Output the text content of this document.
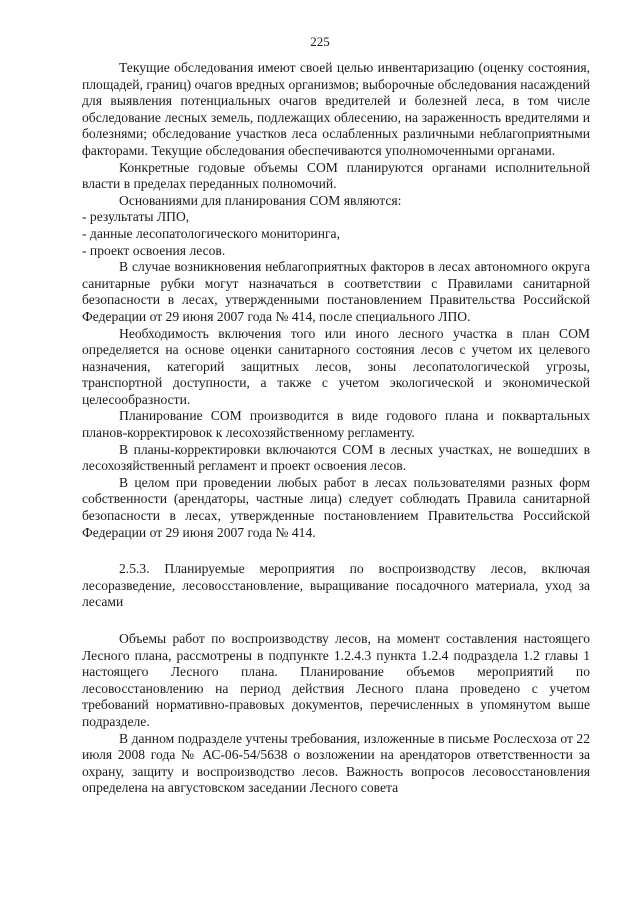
225

Текущие обследования имеют своей целью инвентаризацию (оценку состояния, площадей, границ) очагов вредных организмов; выборочные обследования насаждений для выявления потенциальных очагов вредителей и болезней леса, в том числе обследование лесных земель, подлежащих облесению, на зараженность вредителями и болезнями; обследование участков леса ослабленных различными неблагоприятными факторами. Текущие обследования обеспечиваются уполномоченными органами.

Конкретные годовые объемы СОМ планируются органами исполнительной власти в пределах переданных полномочий.

Основаниями для планирования СОМ являются:

- результаты ЛПО,

- данные лесопатологического мониторинга,

- проект освоения лесов.

В случае возникновения неблагоприятных факторов в лесах автономного округа санитарные рубки могут назначаться в соответствии с Правилами санитарной безопасности в лесах, утвержденными постановлением Правительства Российской Федерации от 29 июня 2007 года № 414, после специального ЛПО.

Необходимость включения того или иного лесного участка в план СОМ определяется на основе оценки санитарного состояния лесов с учетом их целевого назначения, категорий защитных лесов, зоны лесопатологической угрозы, транспортной доступности, а также с учетом экологической и экономической целесообразности.

Планирование СОМ производится в виде годового плана и поквартальных планов-корректировок к лесохозяйственному регламенту.

В планы-корректировки включаются СОМ в лесных участках, не вошедших в лесохозяйственный регламент и проект освоения лесов.

В целом при проведении любых работ в лесах пользователями разных форм собственности (арендаторы, частные лица) следует соблюдать Правила санитарной безопасности в лесах, утвержденные постановлением Правительства Российской Федерации от 29 июня 2007 года № 414.

2.5.3. Планируемые мероприятия по воспроизводству лесов, включая лесоразведение, лесовосстановление, выращивание посадочного материала, уход за лесами

Объемы работ по воспроизводству лесов, на момент составления настоящего Лесного плана, рассмотрены в подпункте 1.2.4.3 пункта 1.2.4 подраздела 1.2 главы 1 настоящего Лесного плана. Планирование объемов мероприятий по лесовосстановлению на период действия Лесного плана проведено с учетом требований нормативно-правовых документов, перечисленных в упомянутом выше подразделе.

В данном подразделе учтены требования, изложенные в письме Рослесхоза от 22 июля 2008 года № АС-06-54/5638 о возложении на арендаторов ответственности за охрану, защиту и воспроизводство лесов. Важность вопросов лесовосстановления определена на августовском заседании Лесного совета
